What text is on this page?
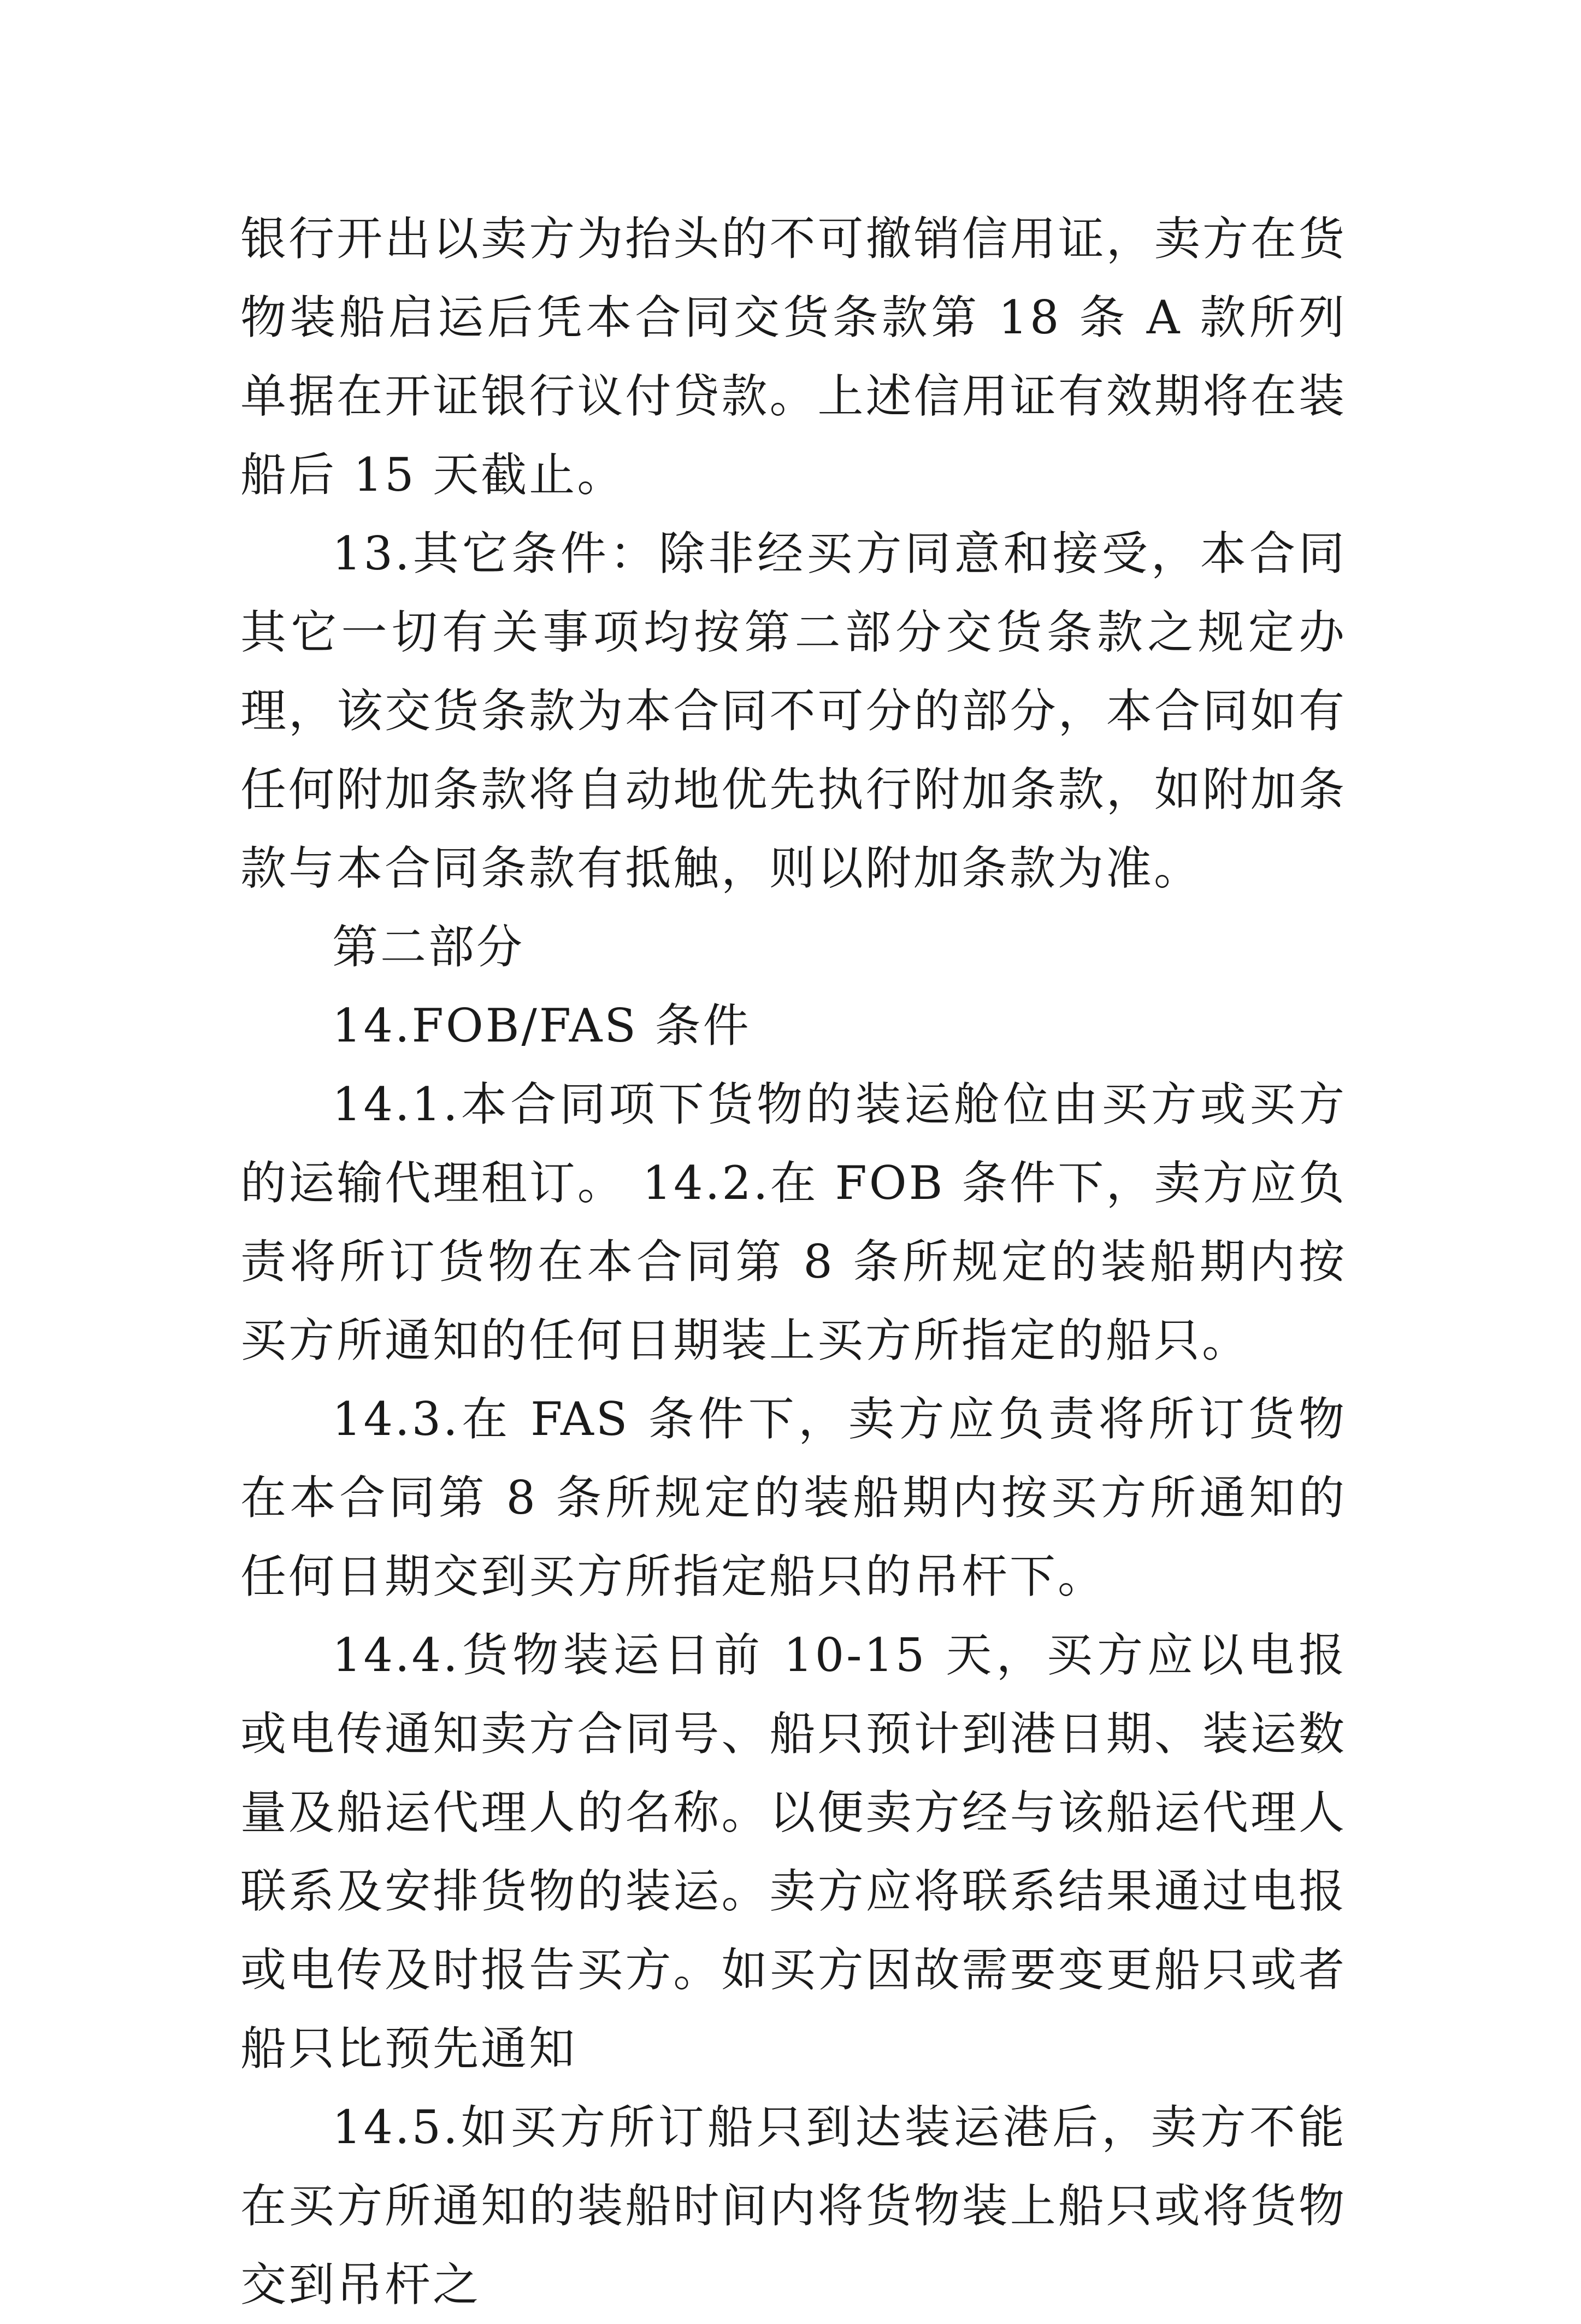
银行开出以卖方为抬头的不可撤销信用证，卖方在货物装船启运后凭本合同交货条款第 18 条 A 款所列单据在开证银行议付贷款。上述信用证有效期将在装船后 15 天截止。

13.其它条件：除非经买方同意和接受，本合同其它一切有关事项均按第二部分交货条款之规定办理，该交货条款为本合同不可分的部分，本合同如有任何附加条款将自动地优先执行附加条款，如附加条款与本合同条款有抵触，则以附加条款为准。

第二部分

14.FOB/FAS 条件

14.1.本合同项下货物的装运舱位由买方或买方的运输代理租订。 14.2.在 FOB 条件下，卖方应负责将所订货物在本合同第 8 条所规定的装船期内按买方所通知的任何日期装上买方所指定的船只。

14.3.在 FAS 条件下，卖方应负责将所订货物在本合同第 8 条所规定的装船期内按买方所通知的任何日期交到买方所指定船只的吊杆下。

14.4.货物装运日前 10-15 天，买方应以电报或电传通知卖方合同号、船只预计到港日期、装运数量及船运代理人的名称。以便卖方经与该船运代理人联系及安排货物的装运。卖方应将联系结果通过电报或电传及时报告买方。如买方因故需要变更船只或者船只比预先通知

14.5.如买方所订船只到达装运港后，卖方不能在买方所通知的装船时间内将货物装上船只或将货物交到吊杆之
